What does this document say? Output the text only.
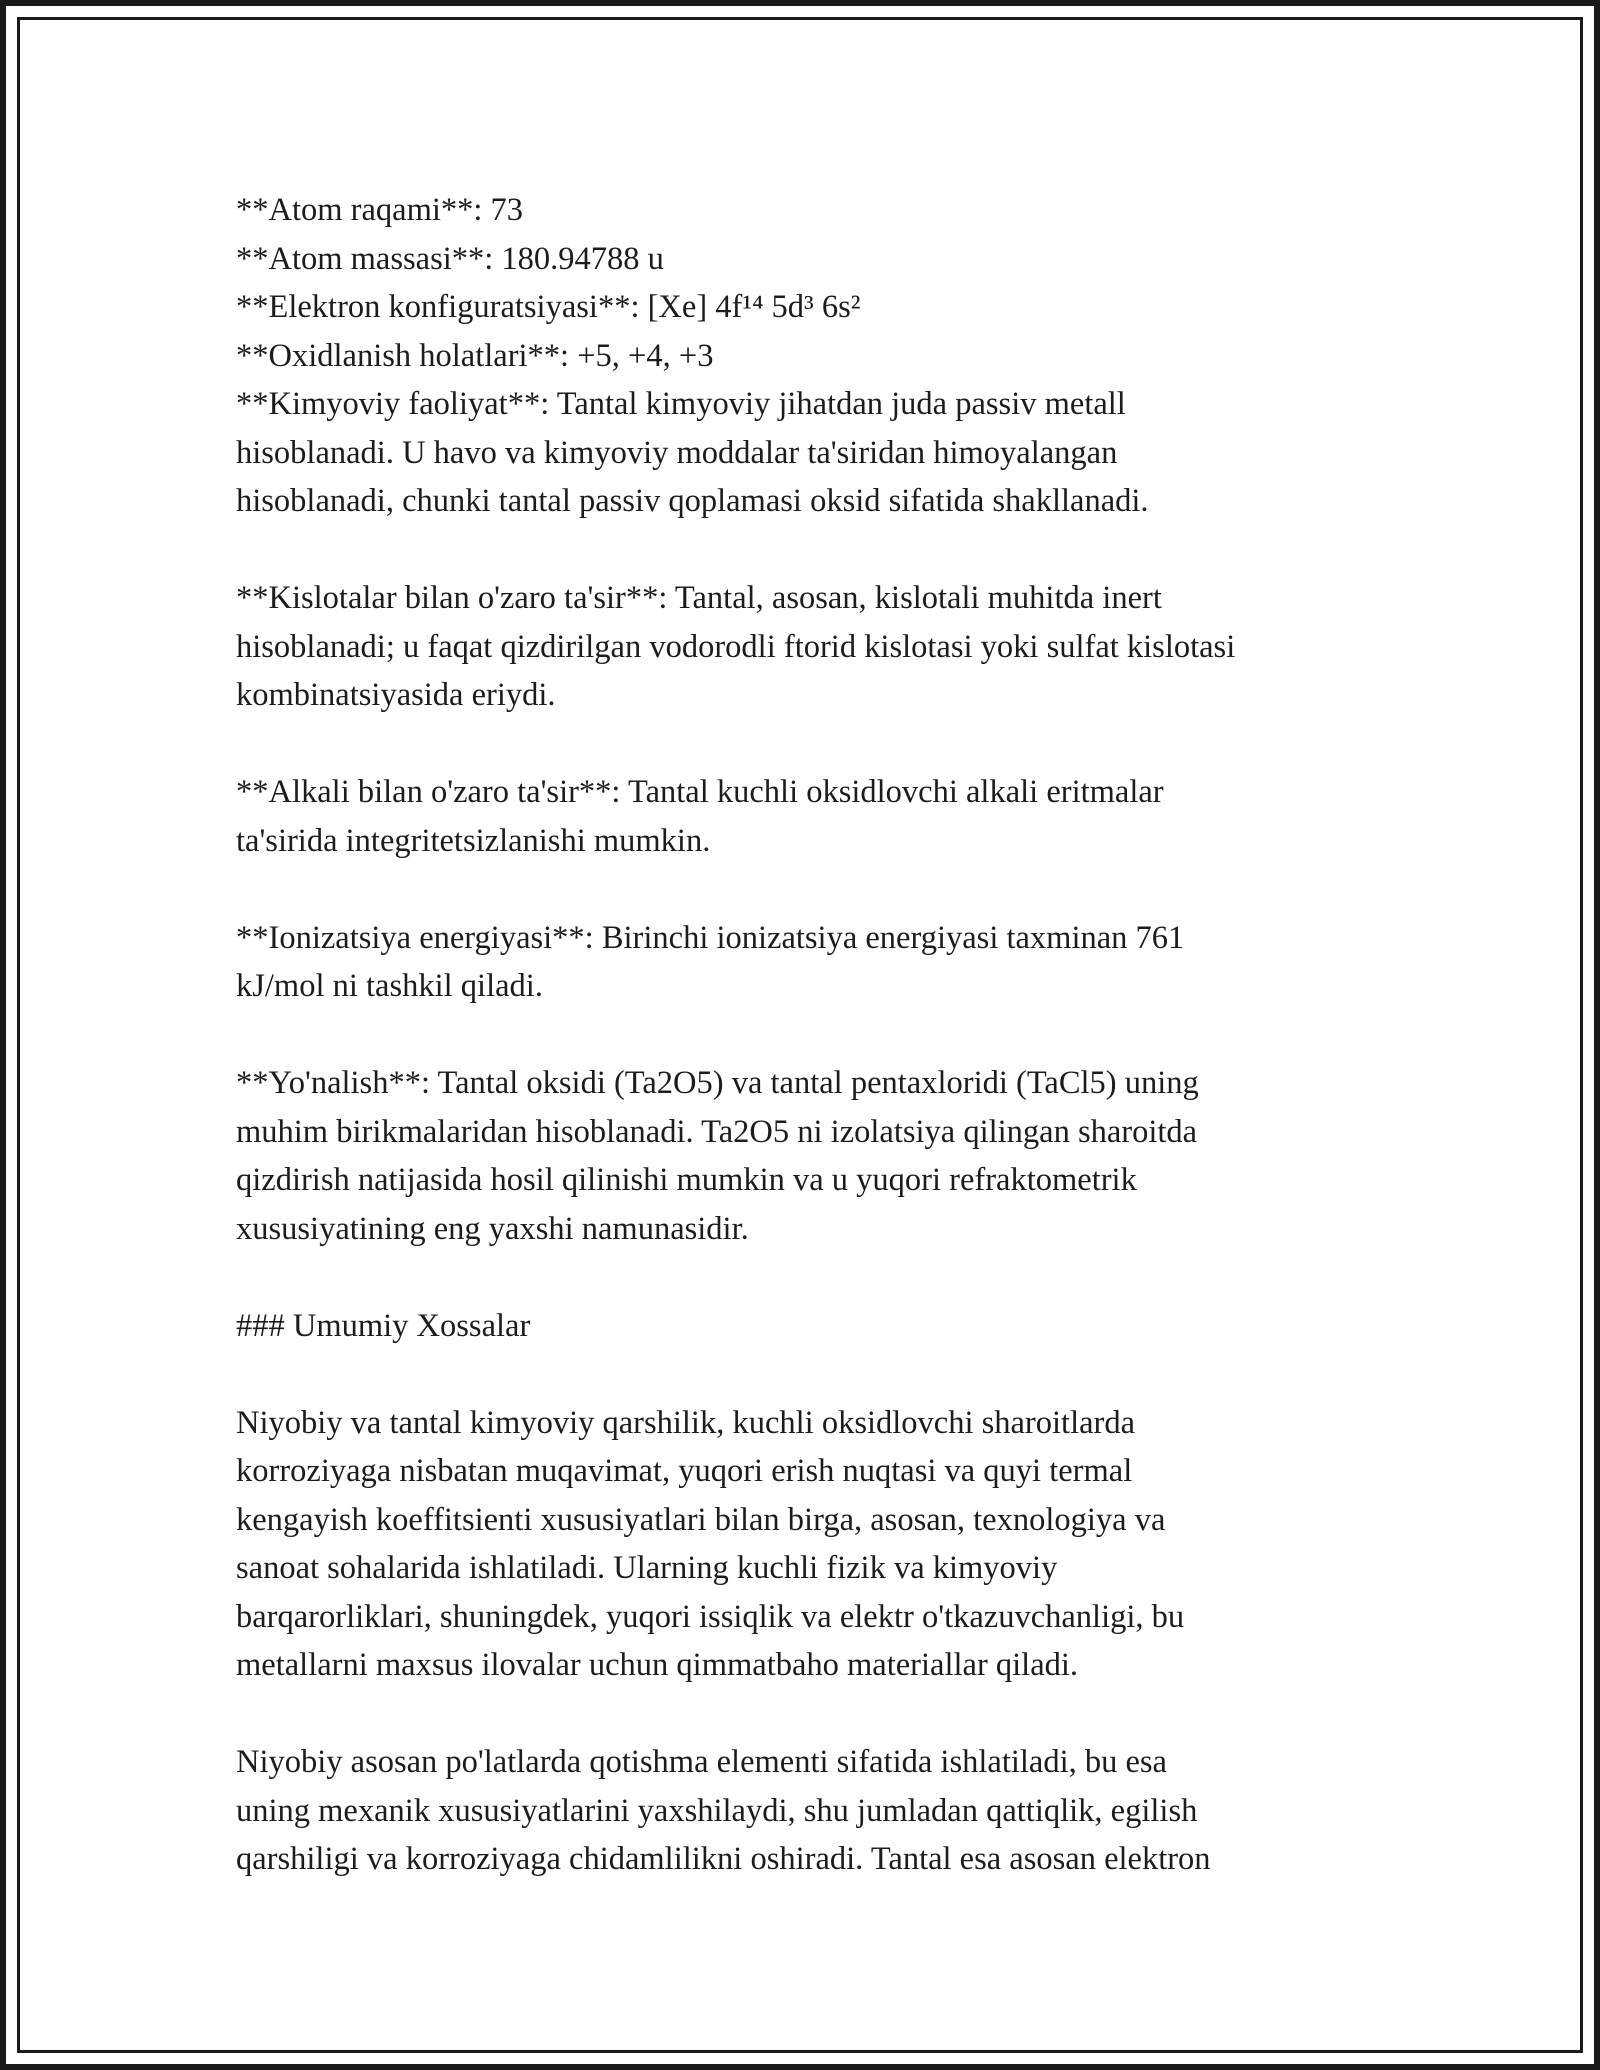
**Atom raqami**: 73

**Atom massasi**: 180.94788 u

**Elektron konfiguratsiyasi**: [Xe] 4f¹⁴ 5d³ 6s²

**Oxidlanish holatlari**: +5, +4, +3

**Kimyoviy faoliyat**: Tantal kimyoviy jihatdan juda passiv metall
hisoblanadi. U havo va kimyoviy moddalar ta'siridan himoyalangan
hisoblanadi, chunki tantal passiv qoplamasi oksid sifatida shakllanadi.

**Kislotalar bilan o'zaro ta'sir**: Tantal, asosan, kislotali muhitda inert
hisoblanadi; u faqat qizdirilgan vodorodli ftorid kislotasi yoki sulfat kislotasi
kombinatsiyasida eriydi.

**Alkali bilan o'zaro ta'sir**: Tantal kuchli oksidlovchi alkali eritmalar
ta'sirida integritetsizlanishi mumkin.

**Ionizatsiya energiyasi**: Birinchi ionizatsiya energiyasi taxminan 761
kJ/mol ni tashkil qiladi.

**Yo'nalish**: Tantal oksidi (Ta2O5) va tantal pentaxloridi (TaCl5) uning
muhim birikmalaridan hisoblanadi. Ta2O5 ni izolatsiya qilingan sharoitda
qizdirish natijasida hosil qilinishi mumkin va u yuqori refraktometrik
xususiyatining eng yaxshi namunasidir.

### Umumiy Xossalar

Niyobiy va tantal kimyoviy qarshilik, kuchli oksidlovchi sharoitlarda
korroziyaga nisbatan muqavimat, yuqori erish nuqtasi va quyi termal
kengayish koeffitsienti xususiyatlari bilan birga, asosan, texnologiya va
sanoat sohalarida ishlatiladi. Ularning kuchli fizik va kimyoviy
barqarorliklari, shuningdek, yuqori issiqlik va elektr o'tkazuvchanligi, bu
metallarni maxsus ilovalar uchun qimmatbaho materiallar qiladi.

Niyobiy asosan po'latlarda qotishma elementi sifatida ishlatiladi, bu esa
uning mexanik xususiyatlarini yaxshilaydi, shu jumladan qattiqlik, egilish
qarshiligi va korroziyaga chidamlilikni oshiradi. Tantal esa asosan elektron
